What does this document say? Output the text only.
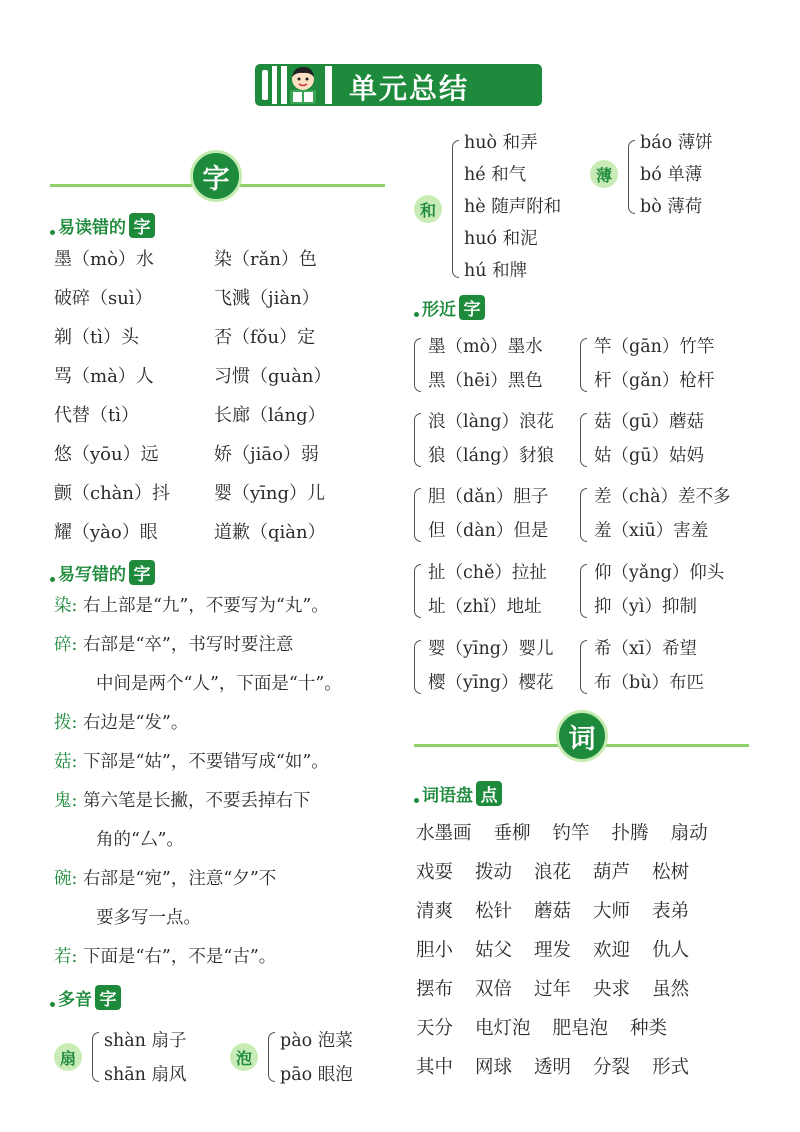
单元总结
字
易读错的 字
墨（mò）水
破碎（suì）
剃（tì）头
骂（mà）人
代替（tì）
悠（yōu）远
颤（chàn）抖
耀（yào）眼
染（rǎn）色
飞溅（jiàn）
否（fǒu）定
习惯（guàn）
长廊（láng）
娇（jiāo）弱
婴（yīng）儿
道歉（qiàn）
易写错的 字
染: 右上部是“九”，不要写为“丸”。
碎: 右部是“卒”，书写时要注意
中间是两个“人”，下面是“十”。
拨: 右边是“发”。
菇: 下部是“姑”，不要错写成“如”。
鬼: 第六笔是长撇，不要丢掉右下
角的“厶”。
碗: 右部是“宛”，注意“夕”不
要多写一点。
若: 下面是“右”，不是“古”。
多音 字
扇
shàn 扇子
shān 扇风
泡
pào 泡菜
pāo 眼泡
和
huò 和弄
hé 和气
hè 随声附和
huó 和泥
hú 和牌
薄
báo 薄饼
bó 单薄
bò 薄荷
形近 字
墨（mò）墨水
黑（hēi）黑色
竿（gān）竹竿
杆（gǎn）枪杆
浪（làng）浪花
狼（láng）豺狼
菇（gū）蘑菇
姑（gū）姑妈
胆（dǎn）胆子
但（dàn）但是
差（chà）差不多
羞（xiū）害羞
扯（chě）拉扯
址（zhǐ）地址
仰（yǎng）仰头
抑（yì）抑制
婴（yīng）婴儿
樱（yīng）樱花
希（xī）希望
布（bù）布匹
词
词语盘 点
水墨画 垂柳 钓竿 扑腾 扇动
戏耍 拨动 浪花 葫芦 松树
清爽 松针 蘑菇 大师 表弟
胆小 姑父 理发 欢迎 仇人
摆布 双倍 过年 央求 虽然
天分 电灯泡 肥皂泡 种类
其中 网球 透明 分裂 形式
